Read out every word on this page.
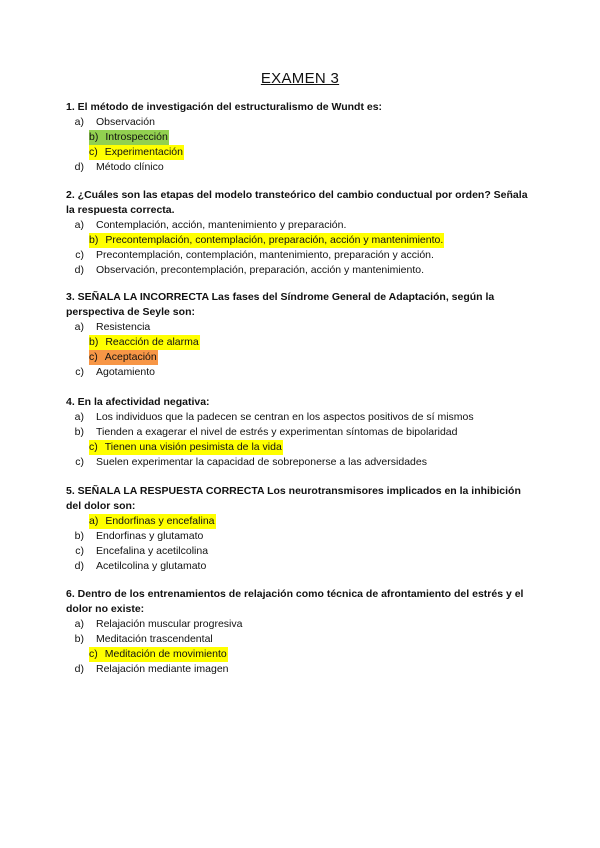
EXAMEN 3
1. El método de investigación del estructuralismo de Wundt es:
a) Observación
b) Introspección
c) Experimentación
d) Método clínico
2. ¿Cuáles son las etapas del modelo transteórico del cambio conductual por orden? Señala la respuesta correcta.
a) Contemplación, acción, mantenimiento y preparación.
b) Precontemplación, contemplación, preparación, acción y mantenimiento.
c) Precontemplación, contemplación, mantenimiento, preparación y acción.
d) Observación, precontemplación, preparación, acción y mantenimiento.
3. SEÑALA LA INCORRECTA Las fases del Síndrome General de Adaptación, según la perspectiva de Seyle son:
a) Resistencia
b) Reacción de alarma
c) Aceptación
c) Agotamiento
4. En la afectividad negativa:
a) Los individuos que la padecen se centran en los aspectos positivos de sí mismos
b) Tienden a exagerar el nivel de estrés y experimentan síntomas de bipolaridad
c) Tienen una visión pesimista de la vida
c) Suelen experimentar la capacidad de sobreponerse a las adversidades
5. SEÑALA LA RESPUESTA CORRECTA Los neurotransmisores implicados en la inhibición del dolor son:
a) Endorfinas y encefalina
b) Endorfinas y glutamato
c) Encefalina y acetilcolina
d) Acetilcolina y glutamato
6. Dentro de los entrenamientos de relajación como técnica de afrontamiento del estrés y el dolor no existe:
a) Relajación muscular progresiva
b) Meditación trascendental
c) Meditación de movimiento
d) Relajación mediante imagen
